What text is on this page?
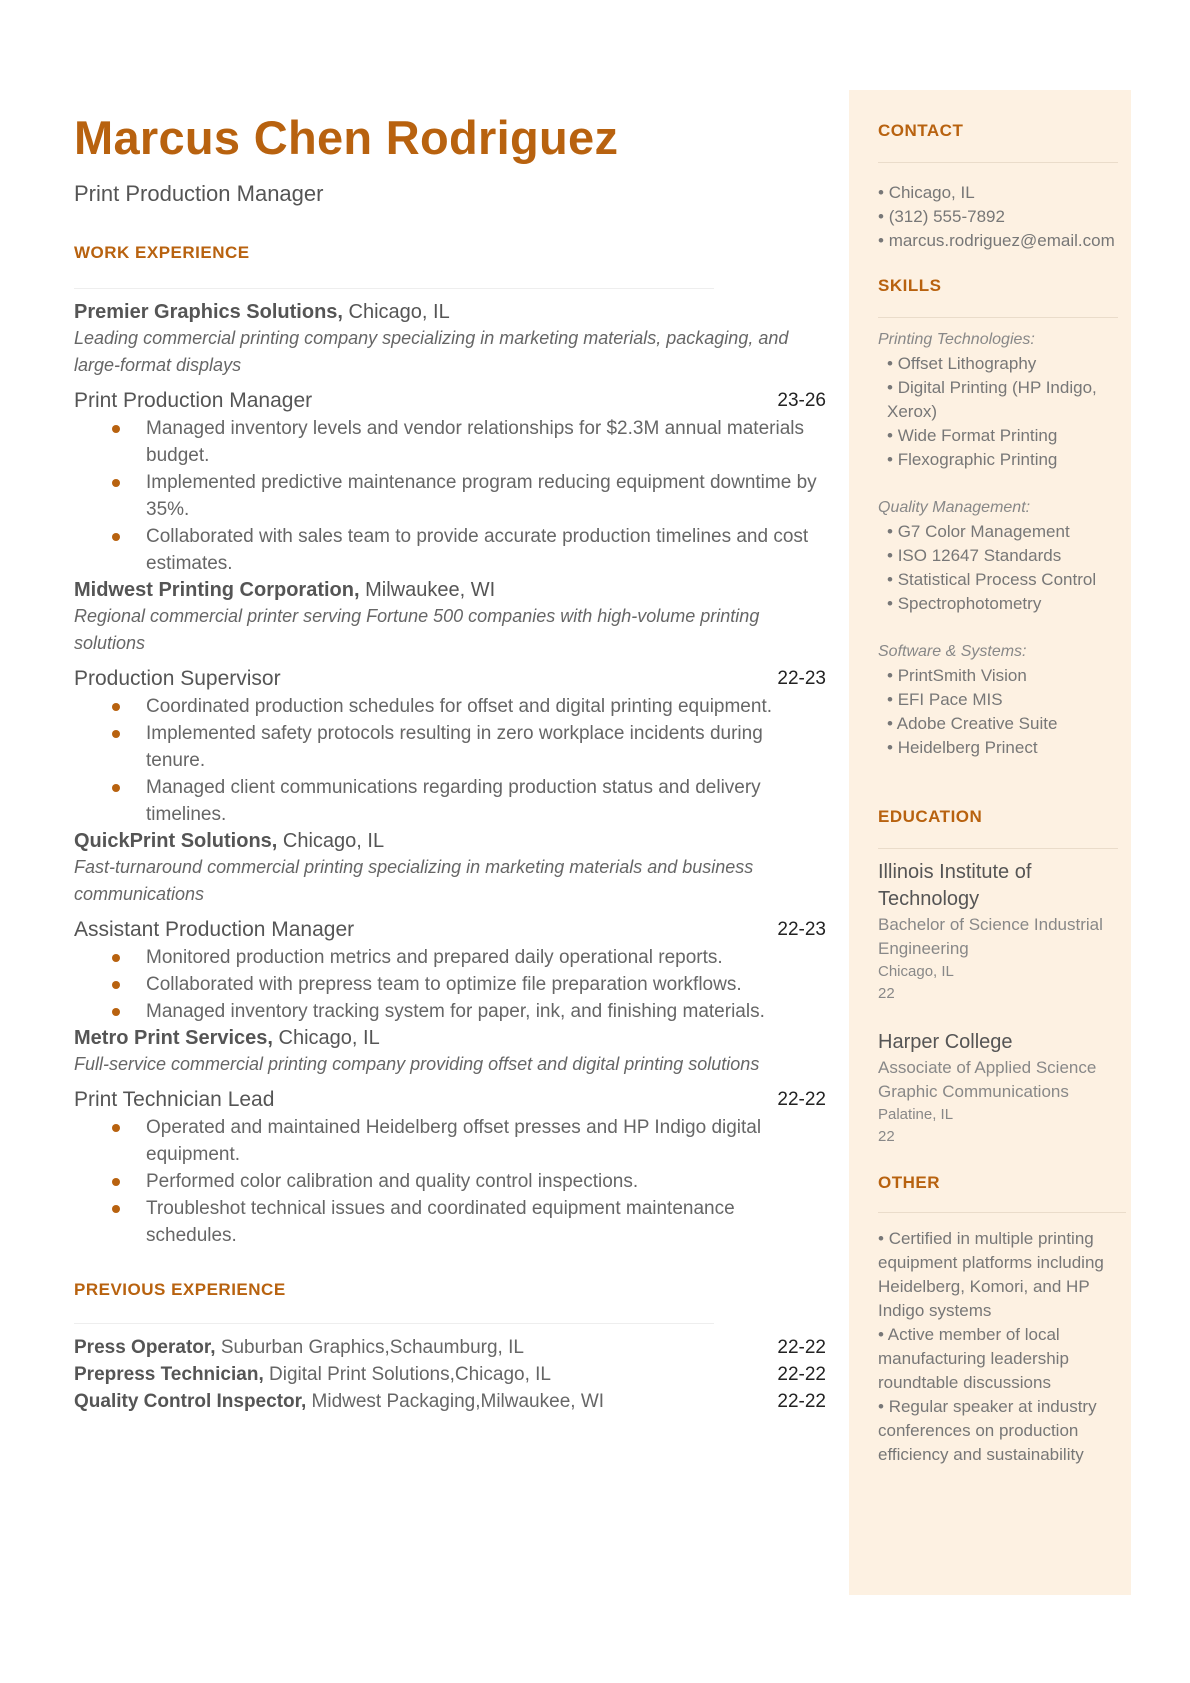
Marcus Chen Rodriguez
Print Production Manager
WORK EXPERIENCE
Premier Graphics Solutions, Chicago, IL
Leading commercial printing company specializing in marketing materials, packaging, and large-format displays
Print Production Manager	23-26
Managed inventory levels and vendor relationships for $2.3M annual materials budget.
Implemented predictive maintenance program reducing equipment downtime by 35%.
Collaborated with sales team to provide accurate production timelines and cost estimates.
Midwest Printing Corporation, Milwaukee, WI
Regional commercial printer serving Fortune 500 companies with high-volume printing solutions
Production Supervisor	22-23
Coordinated production schedules for offset and digital printing equipment.
Implemented safety protocols resulting in zero workplace incidents during tenure.
Managed client communications regarding production status and delivery timelines.
QuickPrint Solutions, Chicago, IL
Fast-turnaround commercial printing specializing in marketing materials and business communications
Assistant Production Manager	22-23
Monitored production metrics and prepared daily operational reports.
Collaborated with prepress team to optimize file preparation workflows.
Managed inventory tracking system for paper, ink, and finishing materials.
Metro Print Services, Chicago, IL
Full-service commercial printing company providing offset and digital printing solutions
Print Technician Lead	22-22
Operated and maintained Heidelberg offset presses and HP Indigo digital equipment.
Performed color calibration and quality control inspections.
Troubleshot technical issues and coordinated equipment maintenance schedules.
PREVIOUS EXPERIENCE
Press Operator, Suburban Graphics,Schaumburg, IL	22-22
Prepress Technician, Digital Print Solutions,Chicago, IL	22-22
Quality Control Inspector, Midwest Packaging,Milwaukee, WI	22-22
CONTACT
• Chicago, IL
• (312) 555-7892
• marcus.rodriguez@email.com
SKILLS
Printing Technologies:
• Offset Lithography
• Digital Printing (HP Indigo, Xerox)
• Wide Format Printing
• Flexographic Printing
Quality Management:
• G7 Color Management
• ISO 12647 Standards
• Statistical Process Control
• Spectrophotometry
Software & Systems:
• PrintSmith Vision
• EFI Pace MIS
• Adobe Creative Suite
• Heidelberg Prinect
EDUCATION
Illinois Institute of Technology
Bachelor of Science Industrial Engineering
Chicago, IL
22
Harper College
Associate of Applied Science Graphic Communications
Palatine, IL
22
OTHER

• Certified in multiple printing equipment platforms including Heidelberg, Komori, and HP Indigo systems

• Active member of local manufacturing leadership roundtable discussions

• Regular speaker at industry conferences on production efficiency and sustainability
